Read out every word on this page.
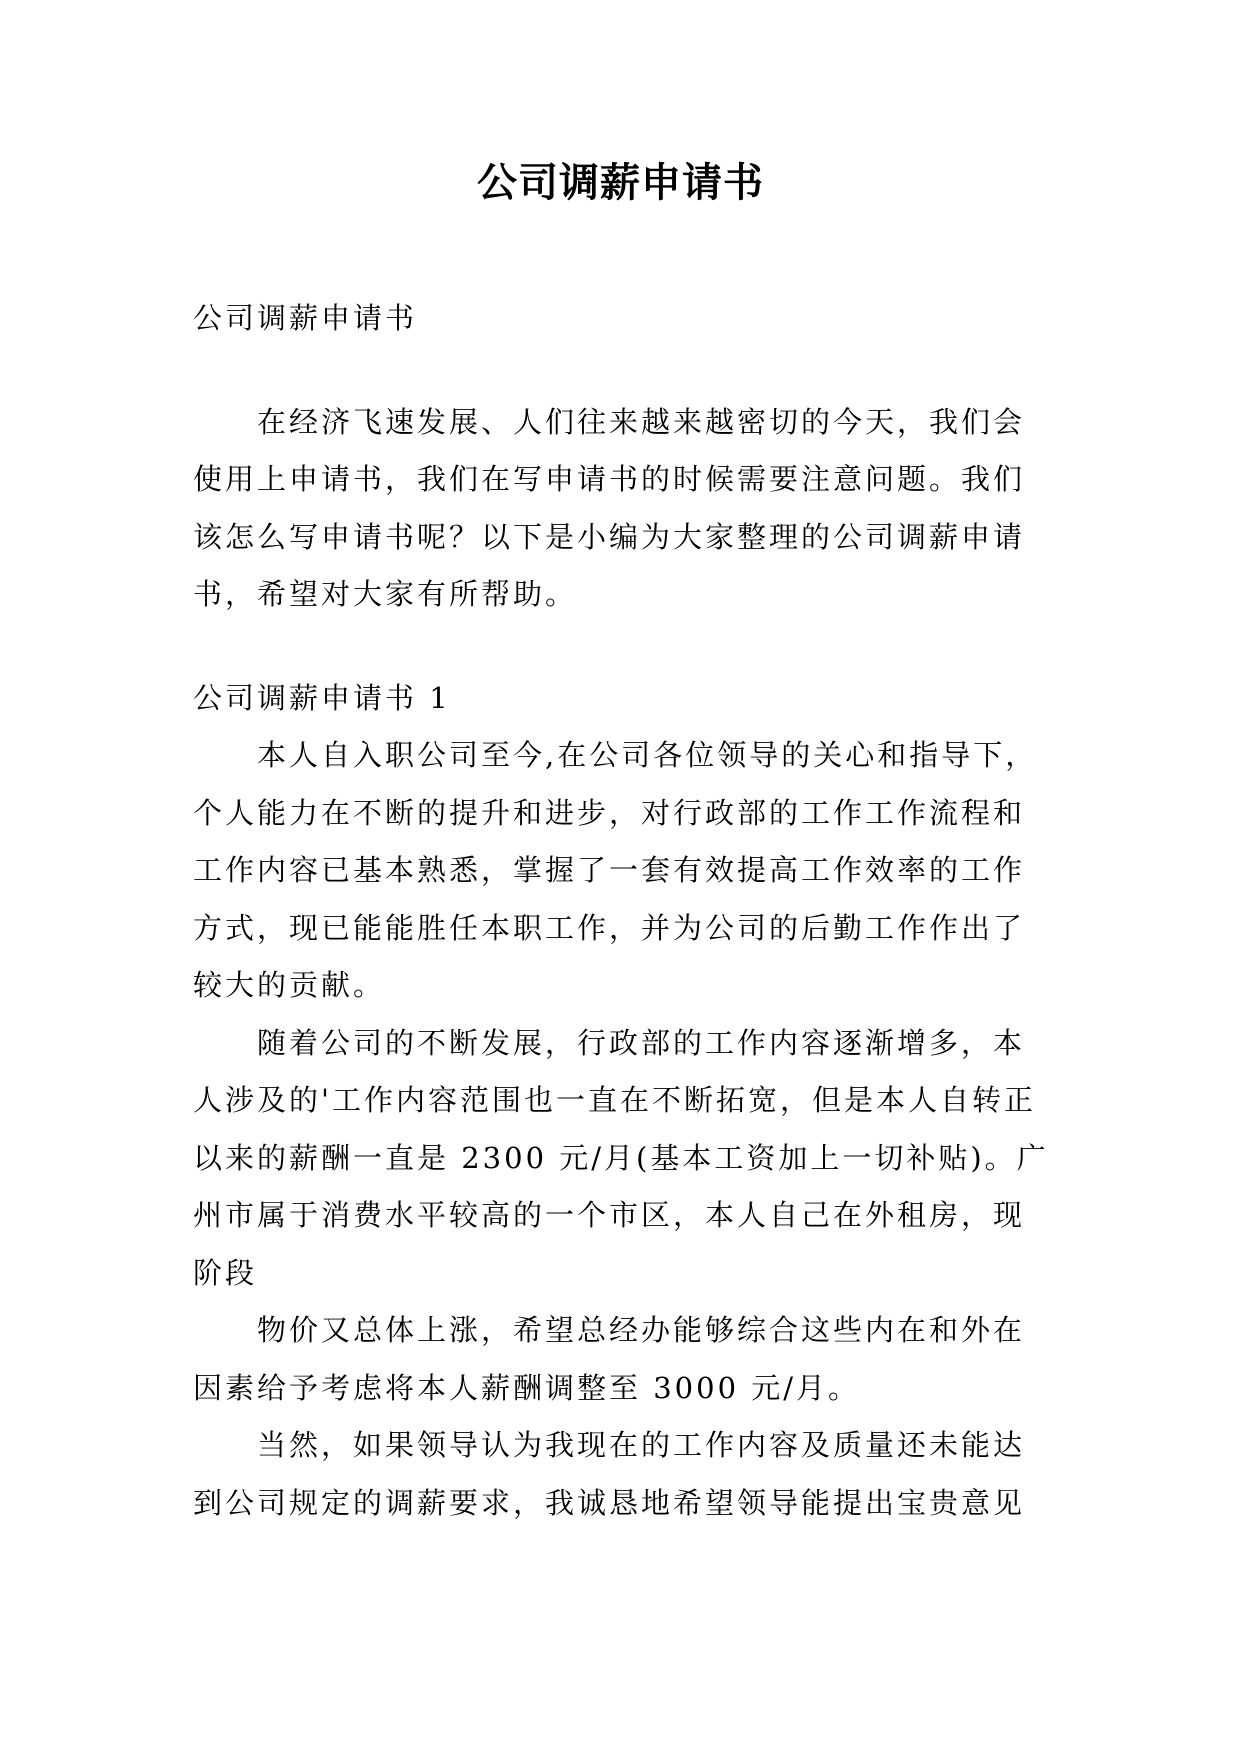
公司调薪申请书

公司调薪申请书

在经济飞速发展、人们往来越来越密切的今天，我们会使用上申请书，我们在写申请书的时候需要注意问题。我们该怎么写申请书呢？以下是小编为大家整理的公司调薪申请书，希望对大家有所帮助。

公司调薪申请书 1

本人自入职公司至今,在公司各位领导的关心和指导下，个人能力在不断的提升和进步，对行政部的工作工作流程和工作内容已基本熟悉，掌握了一套有效提高工作效率的工作方式，现已能能胜任本职工作，并为公司的后勤工作作出了较大的贡献。

随着公司的不断发展，行政部的工作内容逐渐增多，本人涉及的'工作内容范围也一直在不断拓宽，但是本人自转正以来的薪酬一直是 2300 元/月(基本工资加上一切补贴)。广州市属于消费水平较高的一个市区，本人自己在外租房，现阶段

物价又总体上涨，希望总经办能够综合这些内在和外在因素给予考虑将本人薪酬调整至 3000 元/月。

当然，如果领导认为我现在的工作内容及质量还未能达到公司规定的调薪要求，我诚恳地希望领导能提出宝贵意见
